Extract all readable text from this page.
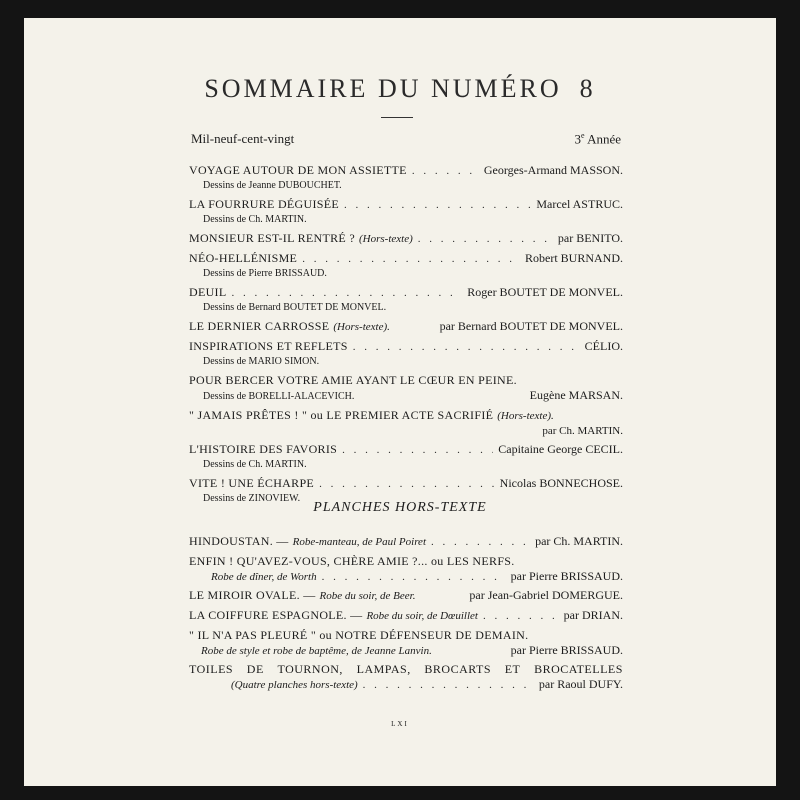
SOMMAIRE DU NUMÉRO 8
Mil-neuf-cent-vingt	3e Année
VOYAGE AUTOUR DE MON ASSIETTE . . .	Georges-Armand MASSON.
Dessins de Jeanne DUBOUCHET.
LA FOURRURE DÉGUISÉE . . .	Marcel ASTRUC.
Dessins de Ch. MARTIN.
MONSIEUR EST-IL RENTRÉ ? (Hors-texte) . . .	par BENITO.
NÉO-HELLÉNISME . . .	Robert BURNAND.
Dessins de Pierre BRISSAUD.
DEUIL . . .	Roger BOUTET DE MONVEL.
Dessins de Bernard BOUTET DE MONVEL.
LE DERNIER CARROSSE (Hors-texte).	par Bernard BOUTET DE MONVEL.
INSPIRATIONS ET REFLETS . . .	CÉLIO.
Dessins de MARIO SIMON.
POUR BERCER VOTRE AMIE AYANT LE CŒUR EN PEINE.
Dessins de BORELLI-ALACEVICH.	Eugène MARSAN.
" JAMAIS PRÊTES ! " ou LE PREMIER ACTE SACRIFIÉ (Hors-texte).
par Ch. MARTIN.
L'HISTOIRE DES FAVORIS . . .	Capitaine George CECIL.
Dessins de Ch. MARTIN.
VITE ! UNE ÉCHARPE . . .	Nicolas BONNECHOSE.
Dessins de ZINOVIEW.
PLANCHES HORS-TEXTE
HINDOUSTAN. — Robe-manteau, de Paul Poiret . . .	par Ch. MARTIN.
ENFIN ! QU'AVEZ-VOUS, CHÈRE AMIE ?... ou LES NERFS.
Robe de dîner, de Worth . . .	par Pierre BRISSAUD.
LE MIROIR OVALE. — Robe du soir, de Beer.	par Jean-Gabriel DOMERGUE.
LA COIFFURE ESPAGNOLE. — Robe du soir, de Dœuillet . . .	par DRIAN.
" IL N'A PAS PLEURÉ " ou NOTRE DÉFENSEUR DE DEMAIN.
Robe de style et robe de baptême, de Jeanne Lanvin.	par Pierre BRISSAUD.
TOILES DE TOURNON, LAMPAS, BROCARTS ET BROCATELLES
(Quatre planches hors-texte) . . .	par Raoul DUFY.
LXI
